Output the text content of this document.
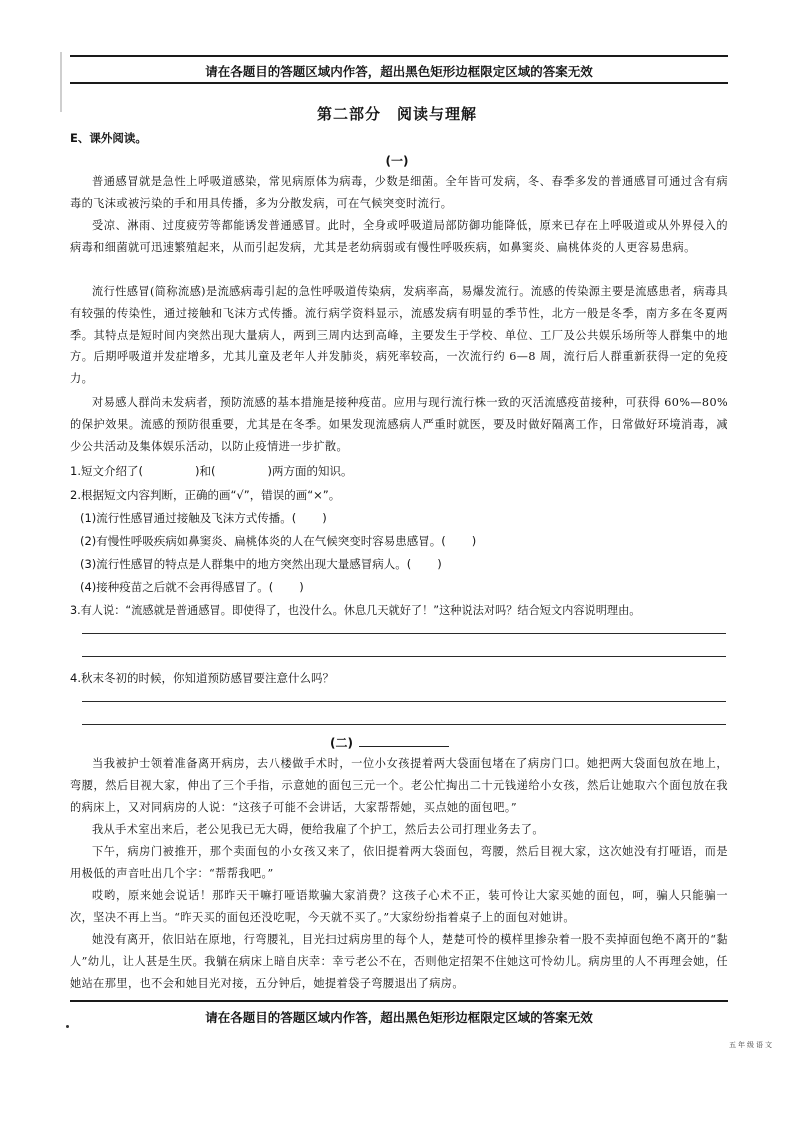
请在各题目的答题区域内作答，超出黑色矩形边框限定区域的答案无效
第二部分　阅读与理解
E、课外阅读。
(一)
普通感冒就是急性上呼吸道感染，常见病原体为病毒，少数是细菌。全年皆可发病，冬、春季多发的普通感冒可通过含有病毒的飞沫或被污染的手和用具传播，多为分散发病，可在气候突变时流行。
受凉、淋雨、过度疲劳等都能诱发普通感冒。此时，全身或呼吸道局部防御功能降低，原来已存在上呼吸道或从外界侵入的病毒和细菌就可迅速繁殖起来，从而引起发病，尤其是老幼病弱或有慢性呼吸疾病，如鼻窦炎、扁桃体炎的人更容易患病。
流行性感冒(简称流感)是流感病毒引起的急性呼吸道传染病，发病率高，易爆发流行。流感的传染源主要是流感患者，病毒具有较强的传染性，通过接触和飞沫方式传播。流行病学资料显示，流感发病有明显的季节性，北方一般是冬季，南方多在冬夏两季。其特点是短时间内突然出现大量病人，两到三周内达到高峰，主要发生于学校、单位、工厂及公共娱乐场所等人群集中的地方。后期呼吸道并发症增多，尤其儿童及老年人并发肺炎，病死率较高，一次流行约 6—8 周，流行后人群重新获得一定的免疫力。
对易感人群尚未发病者，预防流感的基本措施是接种疫苗。应用与现行流行株一致的灭活流感疫苗接种，可获得 60%—80%的保护效果。流感的预防很重要，尤其是在冬季。如果发现流感病人严重时就医，要及时做好隔离工作，日常做好环境消毒，减少公共活动及集体娱乐活动，以防止疫情进一步扩散。
1.短文介绍了(	)和(	)两方面的知识。
2.根据短文内容判断，正确的画“√”，错误的画“×”。
(1)流行性感冒通过接触及飞沫方式传播。( )
(2)有慢性呼吸疾病如鼻窦炎、扁桃体炎的人在气候突变时容易患感冒。( )
(3)流行性感冒的特点是人群集中的地方突然出现大量感冒病人。( )
(4)接种疫苗之后就不会再得感冒了。( )
3.有人说：“流感就是普通感冒。即使得了，也没什么。休息几天就好了！”这种说法对吗？结合短文内容说明理由。
4.秋末冬初的时候，你知道预防感冒要注意什么吗？
(二)
当我被护士领着准备离开病房，去八楼做手术时，一位小女孩提着两大袋面包堵在了病房门口。她把两大袋面包放在地上，弯腰，然后目视大家，伸出了三个手指，示意她的面包三元一个。老公忙掏出二十元钱递给小女孩，然后让她取六个面包放在我的病床上，又对同病房的人说：“这孩子可能不会讲话，大家帮帮她，买点她的面包吧。”
我从手术室出来后，老公见我已无大碍，便给我雇了个护工，然后去公司打理业务去了。
下午，病房门被推开，那个卖面包的小女孩又来了，依旧提着两大袋面包，弯腰，然后目视大家，这次她没有打哑语，而是用极低的声音吐出几个字：“帮帮我吧。”
哎哟，原来她会说话！那昨天干嘛打哑语欺骗大家消费？这孩子心术不正，装可怜让大家买她的面包，呵，骗人只能骗一次，坚决不再上当。“昨天买的面包还没吃呢，今天就不买了。”大家纷纷指着桌子上的面包对她讲。
她没有离开，依旧站在原地，行弯腰礼，目光扫过病房里的每个人，楚楚可怜的模样里掺杂着一股不卖掉面包绝不离开的“黏人”幼儿，让人甚是生厌。我躺在病床上暗自庆幸：幸亏老公不在，否则他定招架不住她这可怜幼儿。病房里的人不再理会她，任她站在那里，也不会和她目光对接，五分钟后，她提着袋子弯腰退出了病房。
请在各题目的答题区域内作答，超出黑色矩形边框限定区域的答案无效
五年级语文
